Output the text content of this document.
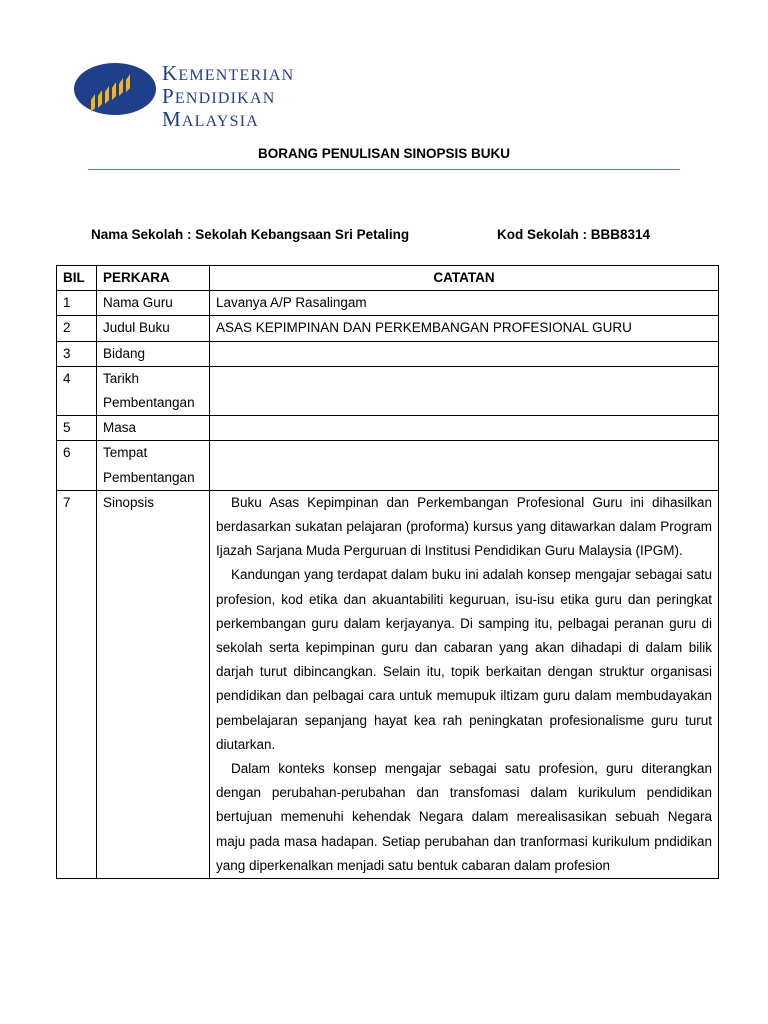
KEMENTERIAN
PENDIDIKAN
MALAYSIA
BORANG PENULISAN SINOPSIS BUKU
Nama Sekolah : Sekolah Kebangsaan Sri Petaling	Kod Sekolah : BBB8314
BIL	PERKARA	CATATAN
1	Nama Guru	Lavanya A/P Rasalingam
2	Judul Buku	ASAS KEPIMPINAN DAN PERKEMBANGAN PROFESIONAL GURU
3	Bidang	
4	Tarikh Pembentangan	
5	Masa	
6	Tempat Pembentangan	
7	Sinopsis	Buku Asas Kepimpinan dan Perkembangan Profesional Guru ini dihasilkan berdasarkan sukatan pelajaran (proforma) kursus yang ditawarkan dalam Program Ijazah Sarjana Muda Perguruan di Institusi Pendidikan Guru Malaysia (IPGM).

Kandungan yang terdapat dalam buku ini adalah konsep mengajar sebagai satu profesion, kod etika dan akuantabiliti keguruan, isu-isu etika guru dan peringkat perkembangan guru dalam kerjayanya. Di samping itu, pelbagai peranan guru di sekolah serta kepimpinan guru dan cabaran yang akan dihadapi di dalam bilik darjah turut dibincangkan. Selain itu, topik berkaitan dengan struktur organisasi pendidikan dan pelbagai cara untuk memupuk iltizam guru dalam membudayakan pembelajaran sepanjang hayat kea rah peningkatan profesionalisme guru turut diutarkan.

Dalam konteks konsep mengajar sebagai satu profesion, guru diterangkan dengan perubahan-perubahan dan transfomasi dalam kurikulum pendidikan bertujuan memenuhi kehendak Negara dalam merealisasikan sebuah Negara maju pada masa hadapan. Setiap perubahan dan tranformasi kurikulum pndidikan yang diperkenalkan menjadi satu bentuk cabaran dalam profesion
